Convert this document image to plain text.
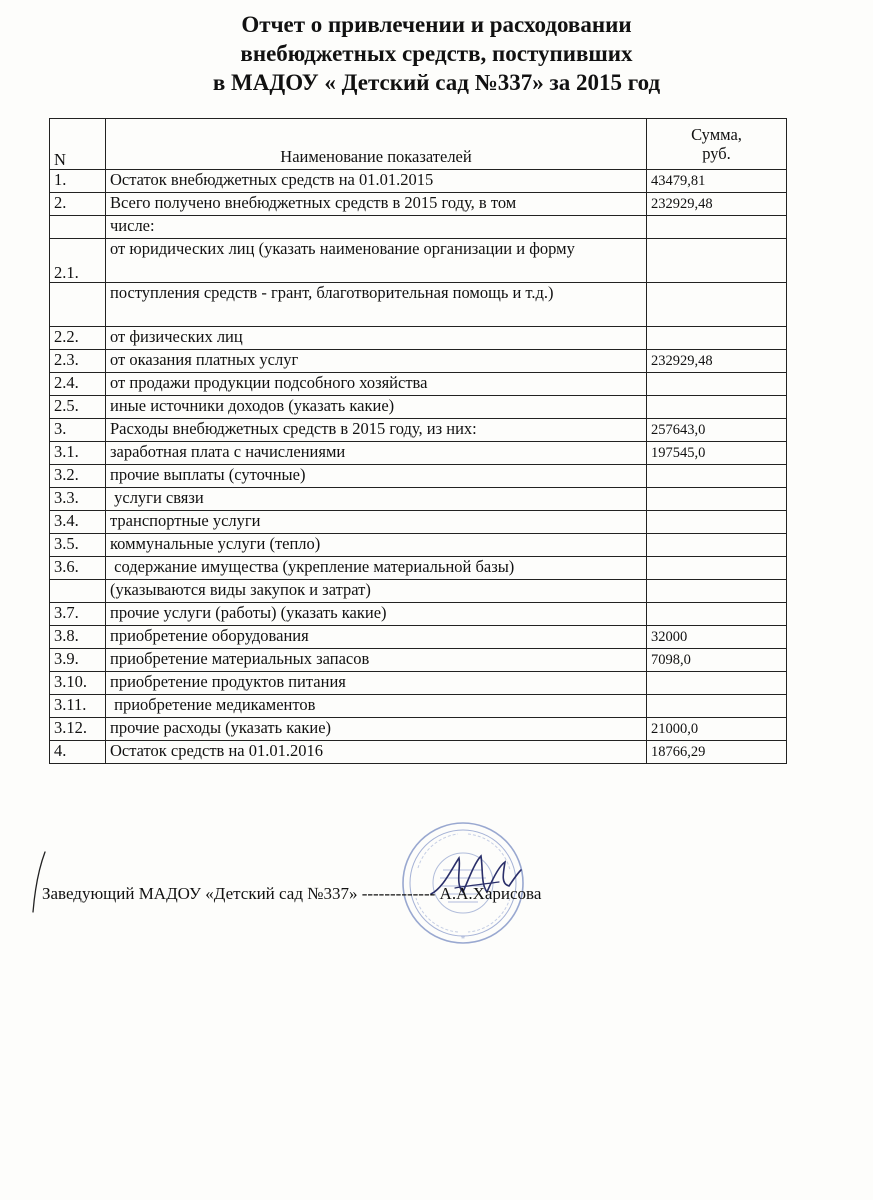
Отчет о привлечении и расходовании
внебюджетных средств, поступивших
в МАДОУ « Детский сад №337» за 2015 год
N	Наименование показателей	Сумма,
руб.

1.	Остаток внебюджетных средств на 01.01.2015	43479,81
2.	Всего получено внебюджетных средств в 2015 году, в том	232929,48
	числе:	
2.1.	от юридических лиц (указать наименование организации и форму	
	поступления средств - грант, благотворительная помощь и т.д.)	
2.2.	от физических лиц	
2.3.	от оказания платных услуг	232929,48
2.4.	от продажи продукции подсобного хозяйства	
2.5.	иные источники доходов (указать какие)	
3.	Расходы внебюджетных средств в 2015 году, из них:	257643,0
3.1.	заработная плата с начислениями	197545,0
3.2.	прочие выплаты (суточные)	
3.3.	услуги связи	
3.4.	транспортные услуги	
3.5.	коммунальные услуги (тепло)	
3.6.	содержание имущества (укрепление материальной базы)	
	(указываются виды закупок и затрат)	
3.7.	прочие услуги (работы) (указать какие)	
3.8.	приобретение оборудования	32000
3.9.	приобретение материальных запасов	7098,0
3.10.	приобретение продуктов питания	
3.11.	приобретение медикаментов	
3.12.	прочие расходы (указать какие)	21000,0
4.	Остаток средств на 01.01.2016	18766,29
*
Заведующий МАДОУ «Детский сад №337» ------------- А.А.Харисова
